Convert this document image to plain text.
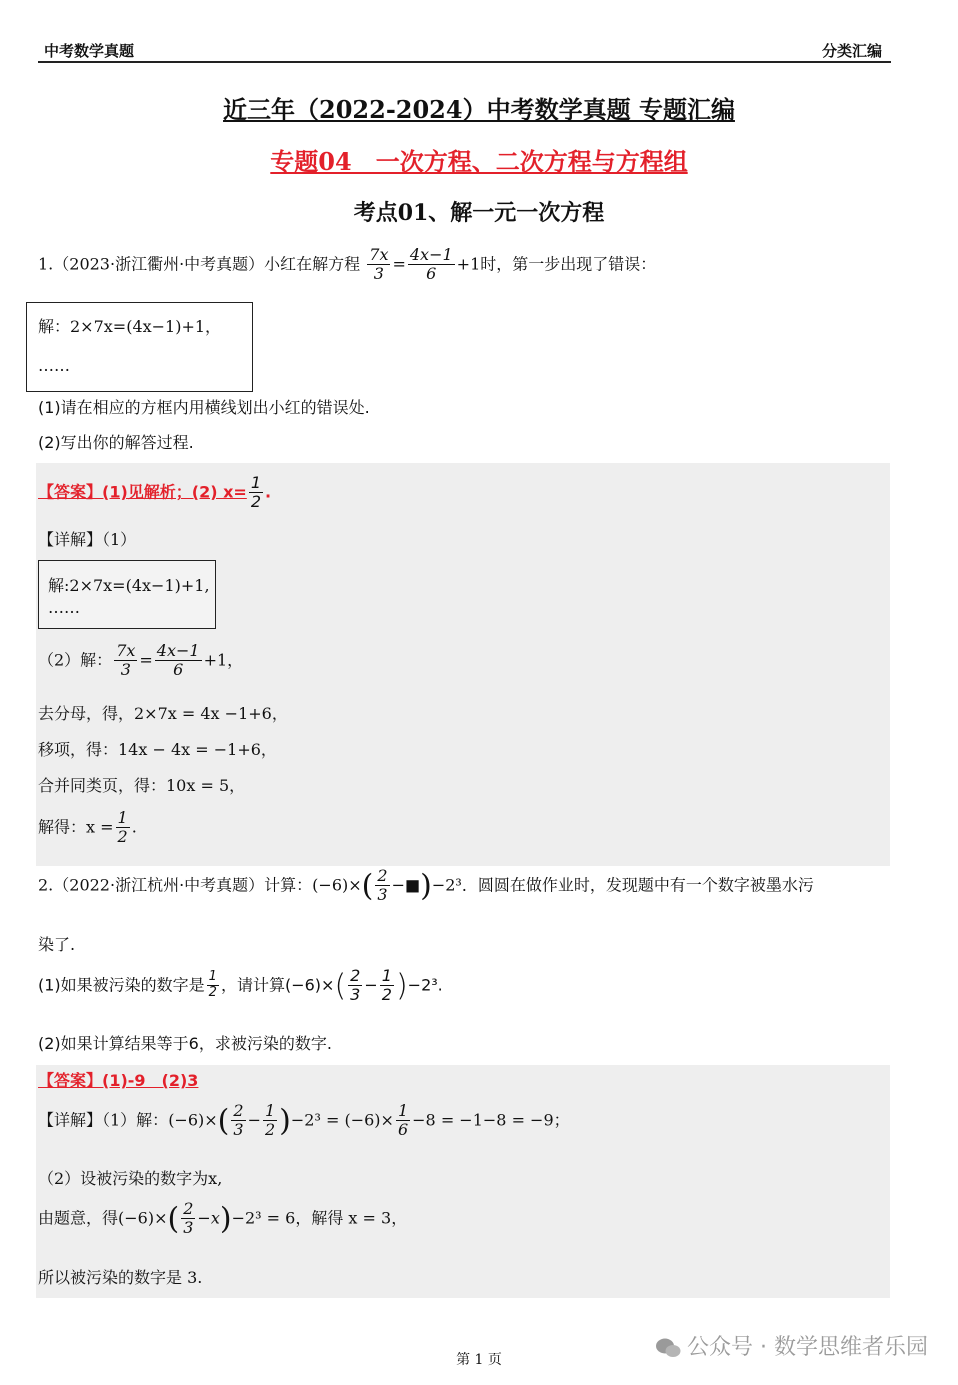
中考数学真题	分类汇编
近三年（2022-2024）中考数学真题 专题汇编
专题04　一次方程、二次方程与方程组
考点01、解一元一次方程
1.（2023·浙江衢州·中考真题）小红在解方程 $\frac{7x}{3} = \frac{4x-1}{6} +1$时，第一步出现了错误：
解：2×7x=(4x−1)+1，
……
(1)请在相应的方框内用横线划出小红的错误处.
(2)写出你的解答过程.
【答案】(1)见解析；(2) $x= \frac{1}{2}$ .
【详解】（1）
解:2×7x=(4x−1)+1,
……
（2）解： $\frac{7x}{3} = \frac{4x-1}{6} +1$，
去分母，得，2×7x = 4x −1+6，
移项，得：14x − 4x = −1+6，
合并同类页，得：10x = 5，
解得：$x = \frac{1}{2}$ .
2.（2022·浙江杭州·中考真题）计算：$(-6)\times( \frac{2}{3}$ −■)−2³．圆圆在做作业时，发现题中有一个数字被墨水污
染了.
(1)如果被污染的数字是 $\frac{1}{2}$ ，请计算$(-6)\times( \frac{2}{3} - \frac{1}{2} )-2^3$.
(2)如果计算结果等于6，求被污染的数字.
【答案】(1)-9　(2)3
【详解】（1）解：$(-6)\times( \frac{2}{3} - \frac{1}{2} )-2^3 = (-6)\times \frac{1}{6} -8 = -1-8 = -9$；
（2）设被污染的数字为x,
由题意，得$(-6)\times( \frac{2}{3} -x)-2^3 = 6$，解得 x = 3，
所以被污染的数字是 3.
公众号 · 数学思维者乐园
第 1 页
